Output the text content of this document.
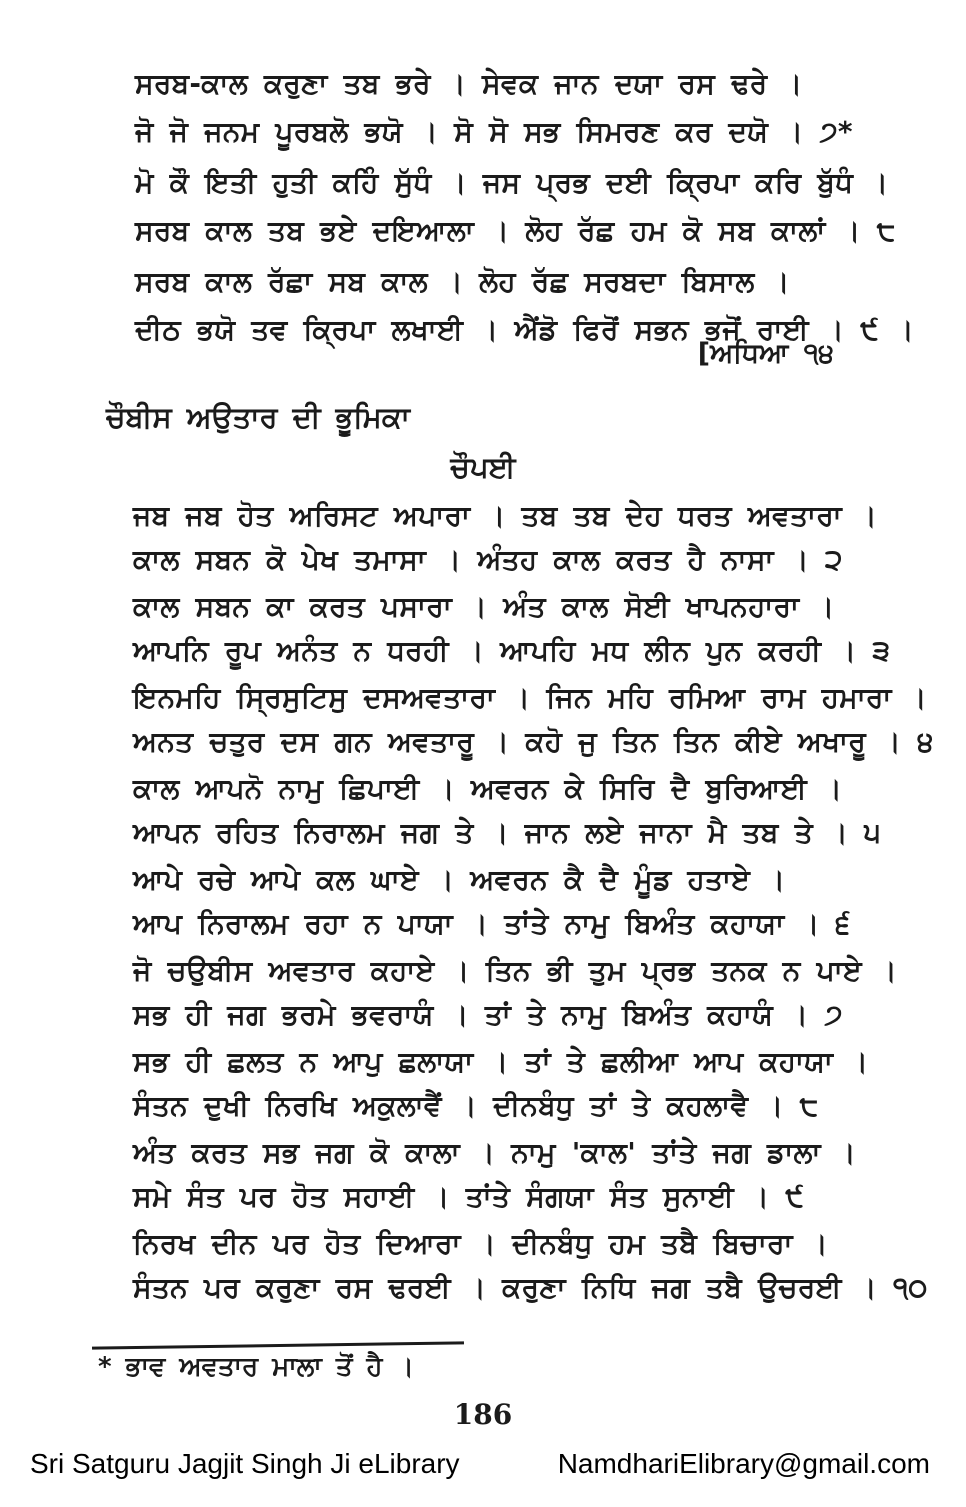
ਸਰਬ-ਕਾਲ ਕਰੁਣਾ ਤਬ ਭਰੇ । ਸੇਵਕ ਜਾਨ ਦਯਾ ਰਸ ਢਰੇ ।
ਜੋ ਜੋ ਜਨਮ ਪੂਰਬਲੋ ਭਯੋ । ਸੋ ਸੋ ਸਭ ਸਿਮਰਣ ਕਰ ਦਯੋ । ੭*
ਮੋ ਕੌ ਇਤੀ ਹੁਤੀ ਕਹਿੰ ਸੁੱਧੰ । ਜਸ ਪ੍ਰਭ ਦਈ ਕ੍ਰਿਪਾ ਕਰਿ ਬੁੱਧੰ ।
ਸਰਬ ਕਾਲ ਤਬ ਭਏ ਦਇਆਲਾ । ਲੋਹ ਰੱਛ ਹਮ ਕੋ ਸਬ ਕਾਲਾਂ । ੮
ਸਰਬ ਕਾਲ ਰੱਛਾ ਸਬ ਕਾਲ । ਲੋਹ ਰੱਛ ਸਰਬਦਾ ਬਿਸਾਲ ।
ਦੀਠ ਭਯੋ ਤਵ ਕ੍ਰਿਪਾ ਲਖਾਈ । ਐਂਡੋ ਫਿਰੋਂ ਸਭਨ ਭਜੋਂ ਰਾਈ । ੯ ।
[ਅਧਿਆ ੧੪
ਚੌਬੀਸ ਅਉਤਾਰ ਦੀ ਭੂਮਿਕਾ
ਚੌਪਈ
ਜਬ ਜਬ ਹੋਤ ਅਰਿਸਟ ਅਪਾਰਾ । ਤਬ ਤਬ ਦੇਹ ਧਰਤ ਅਵਤਾਰਾ ।
ਕਾਲ ਸਬਨ ਕੋ ਪੇਖ ਤਮਾਸਾ । ਅੰਤਹ ਕਾਲ ਕਰਤ ਹੈ ਨਾਸਾ । ੨
ਕਾਲ ਸਬਨ ਕਾ ਕਰਤ ਪਸਾਰਾ । ਅੰਤ ਕਾਲ ਸੋਈ ਖਾਪਨਹਾਰਾ ।
ਆਪਨਿ ਰੂਪ ਅਨੰਤ ਨ ਧਰਹੀ । ਆਪਹਿ ਮਧ ਲੀਨ ਪੁਨ ਕਰਹੀ । ੩
ਇਨਮਹਿ ਸ੍ਰਿਸੁਟਿਸੁ ਦਸਅਵਤਾਰਾ । ਜਿਨ ਮਹਿ ਰਮਿਆ ਰਾਮ ਹਮਾਰਾ ।
ਅਨਤ ਚਤੁਰ ਦਸ ਗਨ ਅਵਤਾਰੂ । ਕਹੋ ਜੁ ਤਿਨ ਤਿਨ ਕੀਏ ਅਖਾਰੂ । ੪
ਕਾਲ ਆਪਨੋ ਨਾਮੁ ਛਿਪਾਈ । ਅਵਰਨ ਕੇ ਸਿਰਿ ਦੈ ਬੁਰਿਆਈ ।
ਆਪਨ ਰਹਿਤ ਨਿਰਾਲਮ ਜਗ ਤੇ । ਜਾਨ ਲਏ ਜਾਨਾ ਮੈ ਤਬ ਤੇ । ੫
ਆਪੇ ਰਚੇ ਆਪੇ ਕਲ ਘਾਏ । ਅਵਰਨ ਕੈ ਦੈ ਮੂੰਡ ਹਤਾਏ ।
ਆਪ ਨਿਰਾਲਮ ਰਹਾ ਨ ਪਾਯਾ । ਤਾਂਤੇ ਨਾਮੁ ਬਿਅੰਤ ਕਹਾਯਾ । ੬
ਜੋ ਚਉਬੀਸ ਅਵਤਾਰ ਕਹਾਏ । ਤਿਨ ਭੀ ਤੁਮ ਪ੍ਰਭ ਤਨਕ ਨ ਪਾਏ ।
ਸਭ ਹੀ ਜਗ ਭਰਮੇ ਭਵਰਾਯੰ । ਤਾਂ ਤੇ ਨਾਮੁ ਬਿਅੰਤ ਕਹਾਯੰ । ੭
ਸਭ ਹੀ ਛਲਤ ਨ ਆਪੁ ਛਲਾਯਾ । ਤਾਂ ਤੇ ਛਲੀਆ ਆਪ ਕਹਾਯਾ ।
ਸੰਤਨ ਦੁਖੀ ਨਿਰਖਿ ਅਕੁਲਾਵੈਂ । ਦੀਨਬੰਧੁ ਤਾਂ ਤੇ ਕਹਲਾਵੈ । ੮
ਅੰਤ ਕਰਤ ਸਭ ਜਗ ਕੋ ਕਾਲਾ । ਨਾਮੁ 'ਕਾਲ' ਤਾਂਤੇ ਜਗ ਡਾਲਾ ।
ਸਮੇ ਸੰਤ ਪਰ ਹੋਤ ਸਹਾਈ । ਤਾਂਤੇ ਸੰਗਯਾ ਸੰਤ ਸੁਨਾਈ । ੯
ਨਿਰਖ ਦੀਨ ਪਰ ਹੋਤ ਦਿਆਰਾ । ਦੀਨਬੰਧੁ ਹਮ ਤਬੈ ਬਿਚਾਰਾ ।
ਸੰਤਨ ਪਰ ਕਰੁਣਾ ਰਸ ਢਰਈ । ਕਰੁਣਾ ਨਿਧਿ ਜਗ ਤਬੈ ਉਚਰਈ । ੧੦
* ਭਾਵ ਅਵਤਾਰ ਮਾਲਾ ਤੋਂ ਹੈ ।
186
Sri Satguru Jagjit Singh Ji eLibrary	NamdhariElibrary@gmail.com
